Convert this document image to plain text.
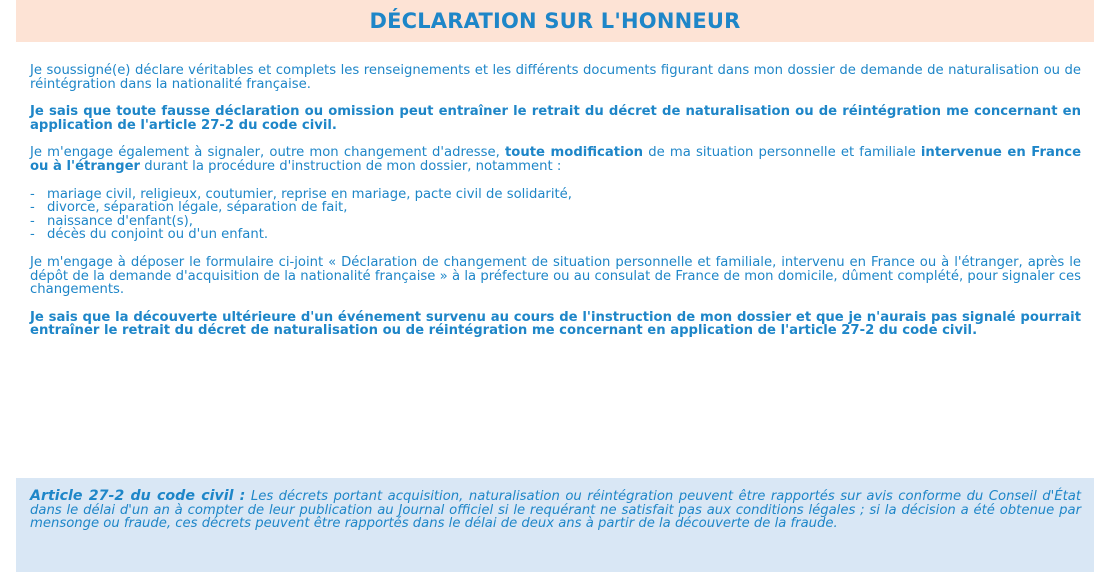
DÉCLARATION SUR L'HONNEUR

Je soussigné(e) déclare véritables et complets les renseignements et les différents documents figurant dans mon dossier de demande de naturalisation ou de réintégration dans la nationalité française.

Je sais que toute fausse déclaration ou omission peut entraîner le retrait du décret de naturalisation ou de réintégration me concernant en application de l'article 27-2 du code civil.

Je m'engage également à signaler, outre mon changement d'adresse, toute modification de ma situation personnelle et familiale intervenue en France ou à l'étranger durant la procédure d'instruction de mon dossier, notamment :

- mariage civil, religieux, coutumier, reprise en mariage, pacte civil de solidarité,
- divorce, séparation légale, séparation de fait,
- naissance d'enfant(s),
- décès du conjoint ou d'un enfant.

Je m'engage à déposer le formulaire ci-joint « Déclaration de changement de situation personnelle et familiale, intervenu en France ou à l'étranger, après le dépôt de la demande d'acquisition de la nationalité française » à la préfecture ou au consulat de France de mon domicile, dûment complété, pour signaler ces changements.

Je sais que la découverte ultérieure d'un événement survenu au cours de l'instruction de mon dossier et que je n'aurais pas signalé pourrait entraîner le retrait du décret de naturalisation ou de réintégration me concernant en application de l'article 27-2 du code civil.

Article 27-2 du code civil : Les décrets portant acquisition, naturalisation ou réintégration peuvent être rapportés sur avis conforme du Conseil d'État dans le délai d'un an à compter de leur publication au Journal officiel si le requérant ne satisfait pas aux conditions légales ; si la décision a été obtenue par mensonge ou fraude, ces décrets peuvent être rapportés dans le délai de deux ans à partir de la découverte de la fraude.
